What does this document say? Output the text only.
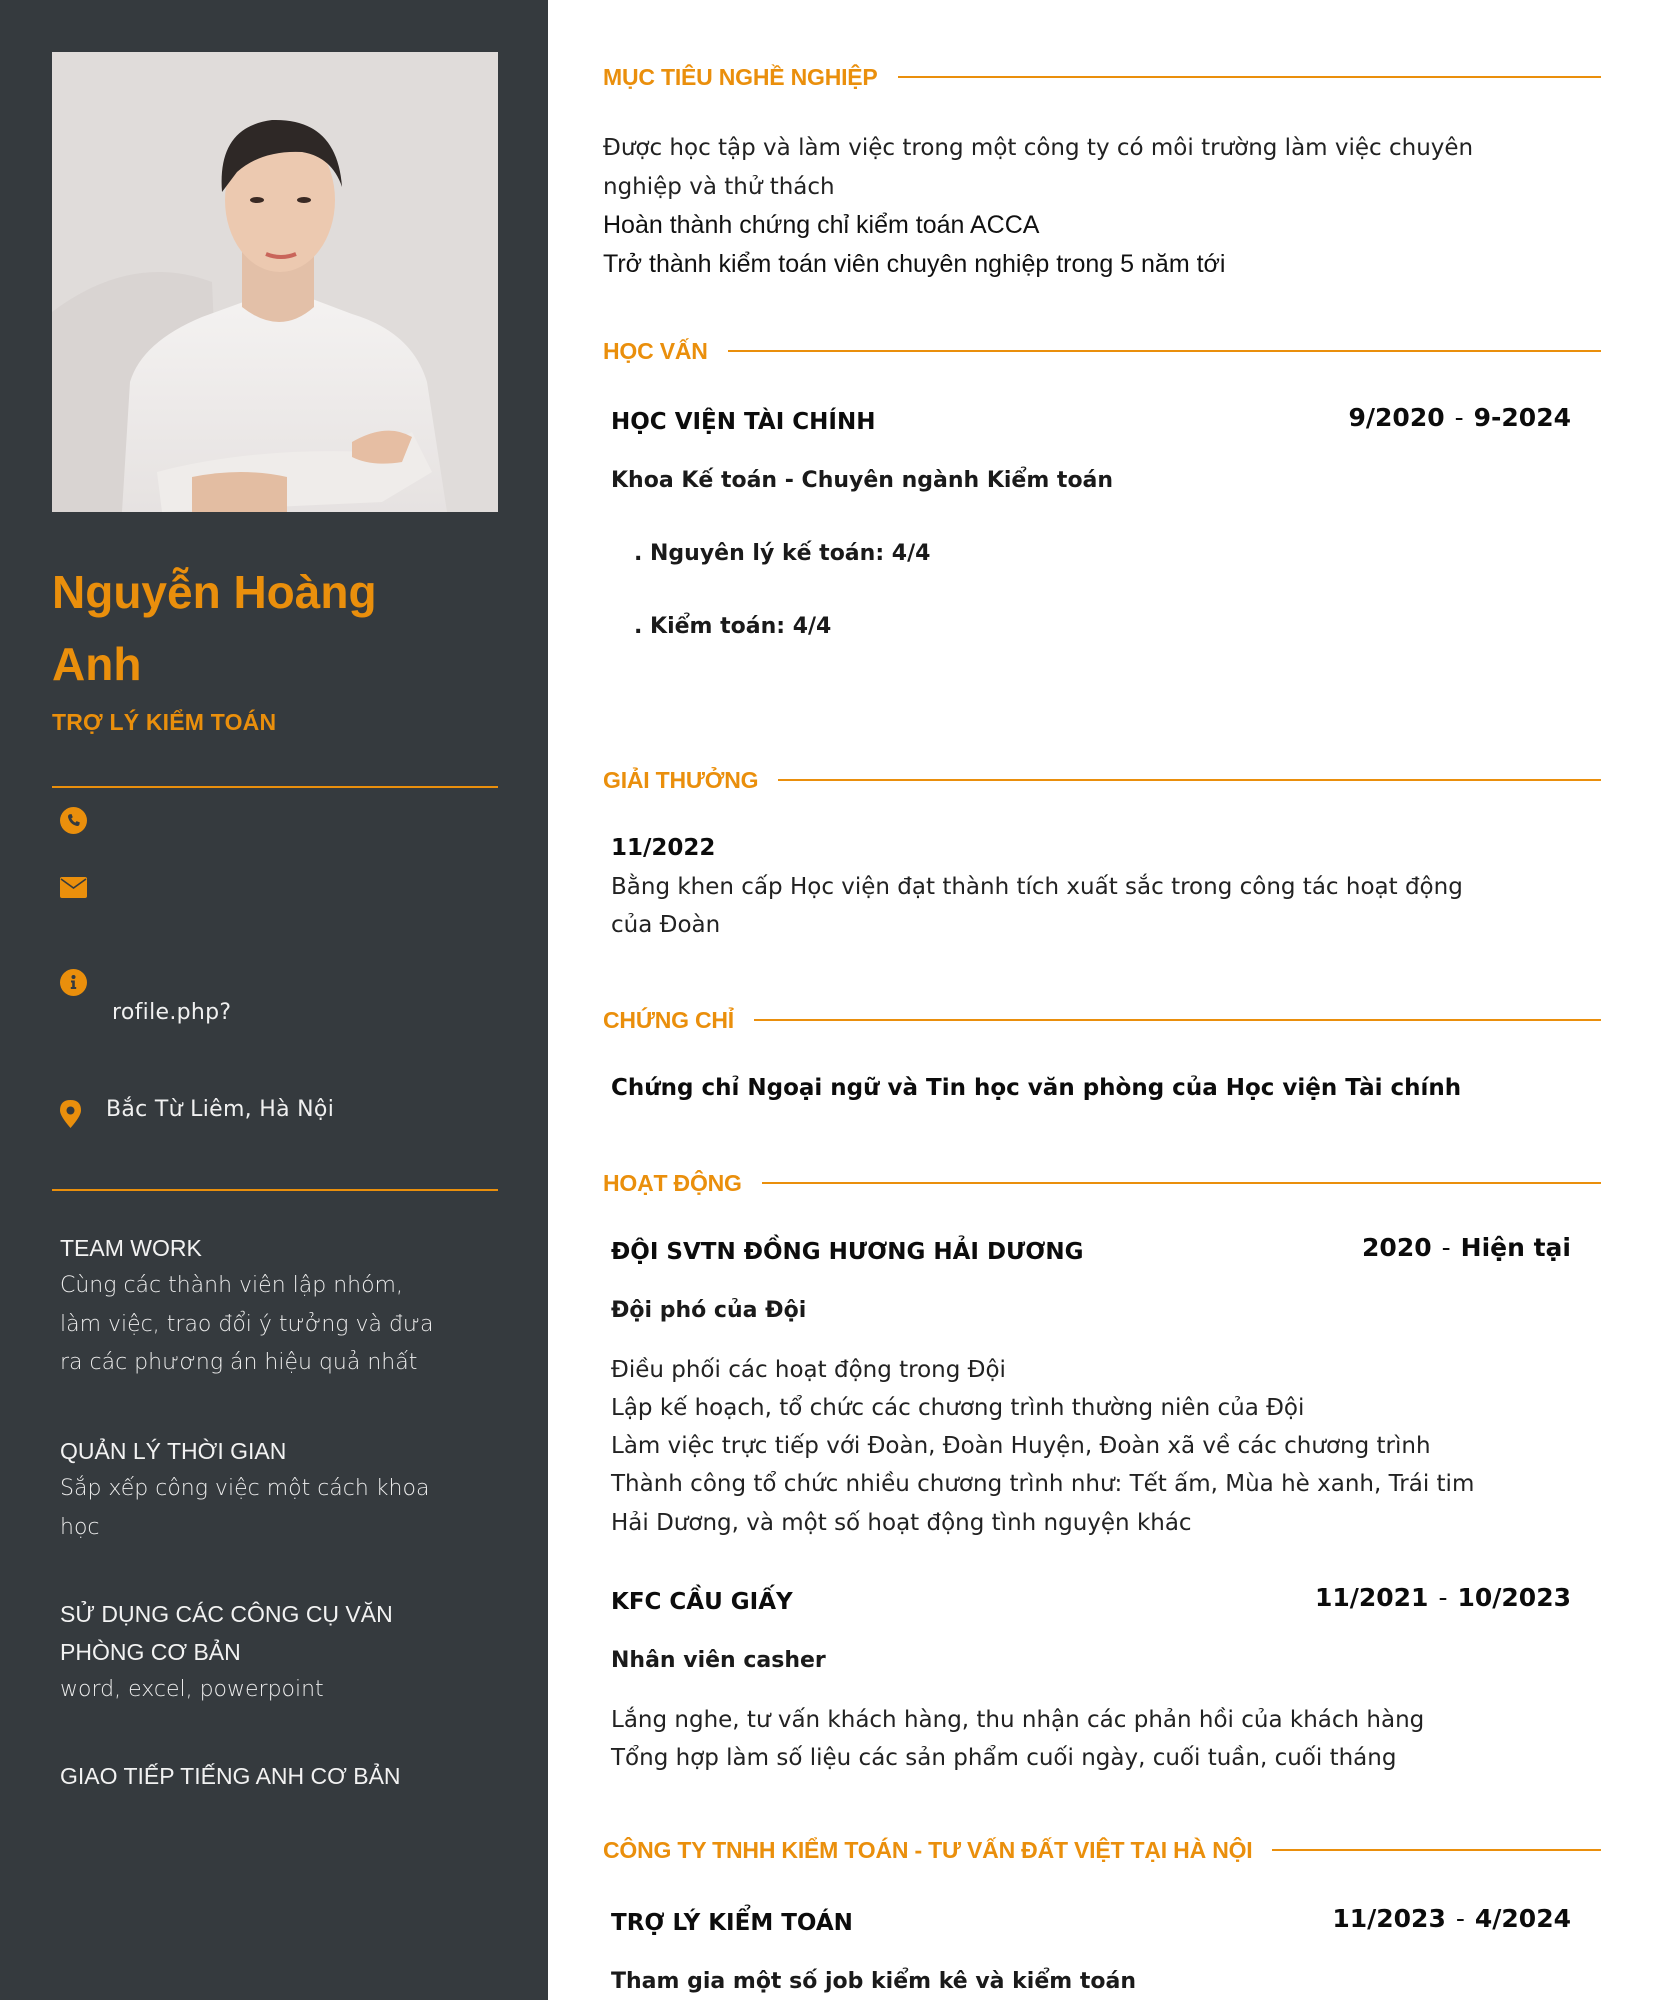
Nguyễn Hoàng
Anh
TRỢ LÝ KIỂM TOÁN
rofile.php?
Bắc Từ Liêm, Hà Nội
TEAM WORK
Cùng các thành viên lập nhóm,
làm việc, trao đổi ý tưởng và đưa
ra các phương án hiệu quả nhất
QUẢN LÝ THỜI GIAN
Sắp xếp công việc một cách khoa
học
SỬ DỤNG CÁC CÔNG CỤ VĂN
PHÒNG CƠ BẢN
word, excel, powerpoint
GIAO TIẾP TIẾNG ANH CƠ BẢN
MỤC TIÊU NGHỀ NGHIỆP
Được học tập và làm việc trong một công ty có môi trường làm việc chuyên
nghiệp và thử thách
Hoàn thành chứng chỉ kiểm toán ACCA
Trở thành kiểm toán viên chuyên nghiệp trong 5 năm tới
HỌC VẤN
HỌC VIỆN TÀI CHÍNH	9/2020 - 9-2024
Khoa Kế toán - Chuyên ngành Kiểm toán
. Nguyên lý kế toán: 4/4
. Kiểm toán: 4/4
GIẢI THƯỞNG
11/2022
Bằng khen cấp Học viện đạt thành tích xuất sắc trong công tác hoạt động
của Đoàn
CHỨNG CHỈ
Chứng chỉ Ngoại ngữ và Tin học văn phòng của Học viện Tài chính
HOẠT ĐỘNG
ĐỘI SVTN ĐỒNG HƯƠNG HẢI DƯƠNG	2020 - Hiện tại
Đội phó của Đội
Điều phối các hoạt động trong Đội
Lập kế hoạch, tổ chức các chương trình thường niên của Đội
Làm việc trực tiếp với Đoàn, Đoàn Huyện, Đoàn xã về các chương trình
Thành công tổ chức nhiều chương trình như: Tết ấm, Mùa hè xanh, Trái tim
Hải Dương, và một số hoạt động tình nguyện khác
KFC CẦU GIẤY	11/2021 - 10/2023
Nhân viên casher
Lắng nghe, tư vấn khách hàng, thu nhận các phản hồi của khách hàng
Tổng hợp làm số liệu các sản phẩm cuối ngày, cuối tuần, cuối tháng
CÔNG TY TNHH KIỂM TOÁN - TƯ VẤN ĐẤT VIỆT TẠI HÀ NỘI
TRỢ LÝ KIỂM TOÁN	11/2023 - 4/2024
Tham gia một số job kiểm kê và kiểm toán
